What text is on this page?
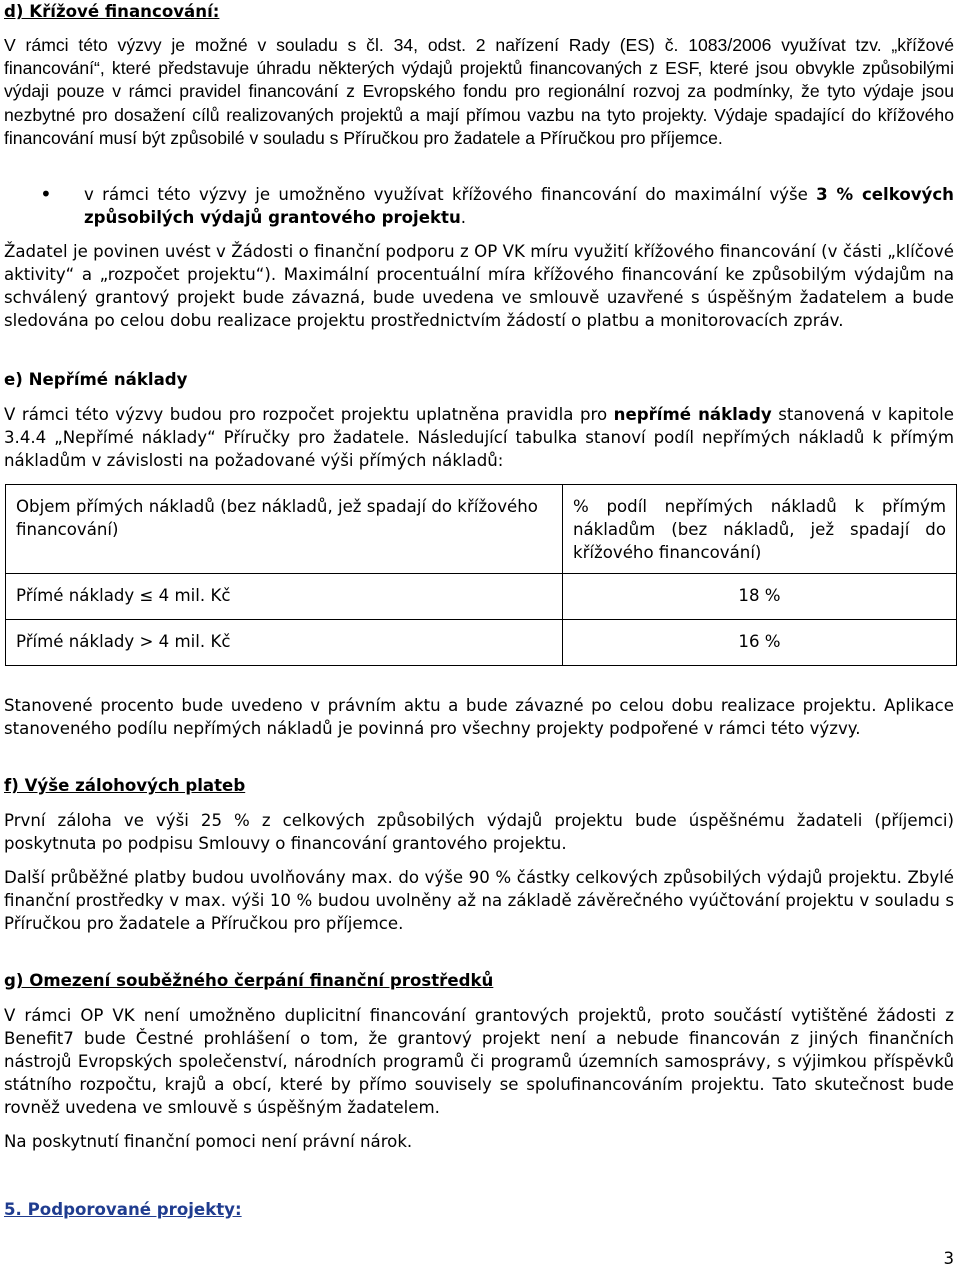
d) Křížové financování:

V rámci této výzvy je možné v souladu s čl. 34, odst. 2 nařízení Rady (ES) č. 1083/2006 využívat tzv. „křížové financování“, které představuje úhradu některých výdajů projektů financovaných z ESF, které jsou obvykle způsobilými výdaji pouze v rámci pravidel financování z Evropského fondu pro regionální rozvoj za podmínky, že tyto výdaje jsou nezbytné pro dosažení cílů realizovaných projektů a mají přímou vazbu na tyto projekty. Výdaje spadající do křížového financování musí být způsobilé v souladu s Příručkou pro žadatele a Příručkou pro příjemce.

•	v rámci této výzvy je umožněno využívat křížového financování do maximální výše 3 % celkových způsobilých výdajů grantového projektu.

Žadatel je povinen uvést v Žádosti o finanční podporu z OP VK míru využití křížového financování (v části „klíčové aktivity“ a „rozpočet projektu“). Maximální procentuální míra křížového financování ke způsobilým výdajům na schválený grantový projekt bude závazná, bude uvedena ve smlouvě uzavřené s úspěšným žadatelem a bude sledována po celou dobu realizace projektu prostřednictvím žádostí o platbu a monitorovacích zpráv.

e) Nepřímé náklady

V rámci této výzvy budou pro rozpočet projektu uplatněna pravidla pro nepřímé náklady stanovená v kapitole 3.4.4 „Nepřímé náklady“ Příručky pro žadatele. Následující tabulka stanoví podíl nepřímých nákladů k přímým nákladům v závislosti na požadované výši přímých nákladů:

Objem přímých nákladů (bez nákladů, jež spadají do křížového financování)	% podíl nepřímých nákladů k přímým nákladům (bez nákladů, jež spadají do křížového financování)
Přímé náklady ≤ 4 mil. Kč	18 %
Přímé náklady > 4 mil. Kč	16 %

Stanovené procento bude uvedeno v právním aktu a bude závazné po celou dobu realizace projektu. Aplikace stanoveného podílu nepřímých nákladů je povinná pro všechny projekty podpořené v rámci této výzvy.

f) Výše zálohových plateb

První záloha ve výši 25 % z celkových způsobilých výdajů projektu bude úspěšnému žadateli (příjemci) poskytnuta po podpisu Smlouvy o financování grantového projektu.

Další průběžné platby budou uvolňovány max. do výše 90 % částky celkových způsobilých výdajů projektu. Zbylé finanční prostředky v max. výši 10 % budou uvolněny až na základě závěrečného vyúčtování projektu v souladu s Příručkou pro žadatele a Příručkou pro příjemce.

g) Omezení souběžného čerpání finanční prostředků

V rámci OP VK není umožněno duplicitní financování grantových projektů, proto součástí vytištěné žádosti z Benefit7 bude Čestné prohlášení o tom, že grantový projekt není a nebude financován z jiných finančních nástrojů Evropských společenství, národních programů či programů územních samosprávy, s výjimkou příspěvků státního rozpočtu, krajů a obcí, které by přímo souvisely se spolufinancováním projektu. Tato skutečnost bude rovněž uvedena ve smlouvě s úspěšným žadatelem.

Na poskytnutí finanční pomoci není právní nárok.

5. Podporované projekty:

3
